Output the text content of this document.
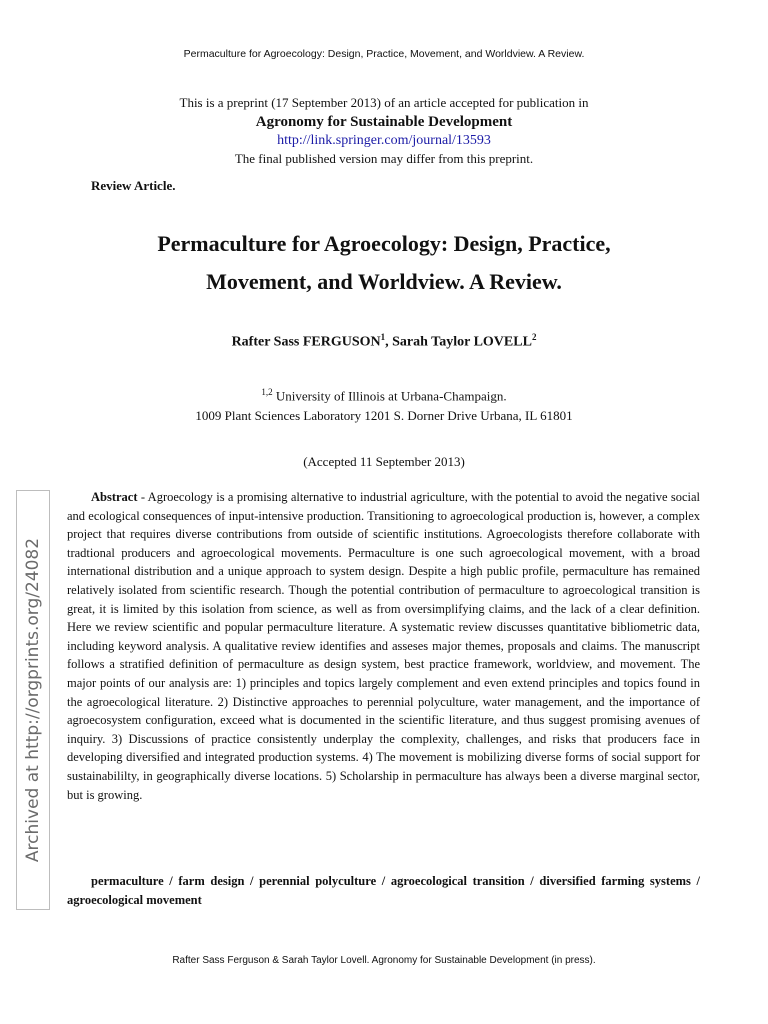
Permaculture for Agroecology: Design, Practice, Movement, and Worldview. A Review.
This is a preprint (17 September 2013) of an article accepted for publication in
Agronomy for Sustainable Development
http://link.springer.com/journal/13593
The final published version may differ from this preprint.
Review Article.
Permaculture for Agroecology: Design, Practice,
Movement, and Worldview. A Review.
Rafter Sass FERGUSON$^1$, Sarah Taylor LOVELL$^2$
$^{1,2}$ University of Illinois at Urbana-Champaign.
1009 Plant Sciences Laboratory 1201 S. Dorner Drive Urbana, IL 61801
(Accepted 11 September 2013)
Abstract - Agroecology is a promising alternative to industrial agriculture, with the potential to avoid the negative social and ecological consequences of input-intensive production. Transitioning to agroecological production is, however, a complex project that requires diverse contributions from outside of scientific institutions. Agroecologists therefore collaborate with tradtional producers and agroecological movements. Permaculture is one such agroecological movement, with a broad international distribution and a unique approach to system design. Despite a high public profile, permaculture has remained relatively isolated from scientific research. Though the potential contribution of permaculture to agroecological transition is great, it is limited by this isolation from science, as well as from oversimplifying claims, and the lack of a clear definition. Here we review scientific and popular permaculture literature. A systematic review discusses quantitative bibliometric data, including keyword analysis. A qualitative review identifies and asseses major themes, proposals and claims. The manuscript follows a stratified definition of permaculture as design system, best practice framework, worldview, and movement. The major points of our analysis are: 1) principles and topics largely complement and even extend principles and topics found in the agroecological literature. 2) Distinctive approaches to perennial polyculture, water management, and the importance of agroecosystem configuration, exceed what is documented in the scientific literature, and thus suggest promising avenues of inquiry. 3) Discussions of practice consistently underplay the complexity, challenges, and risks that producers face in developing diversified and integrated production systems. 4) The movement is mobilizing diverse forms of social support for sustainabililty, in geographically diverse locations. 5) Scholarship in permaculture has always been a diverse marginal sector, but is growing.
permaculture / farm design / perennial polyculture / agroecological transition / diversified farming systems / agroecological movement
Rafter Sass Ferguson & Sarah Taylor Lovell. Agronomy for Sustainable Development (in press).
Archived at http://orgprints.org/24082
